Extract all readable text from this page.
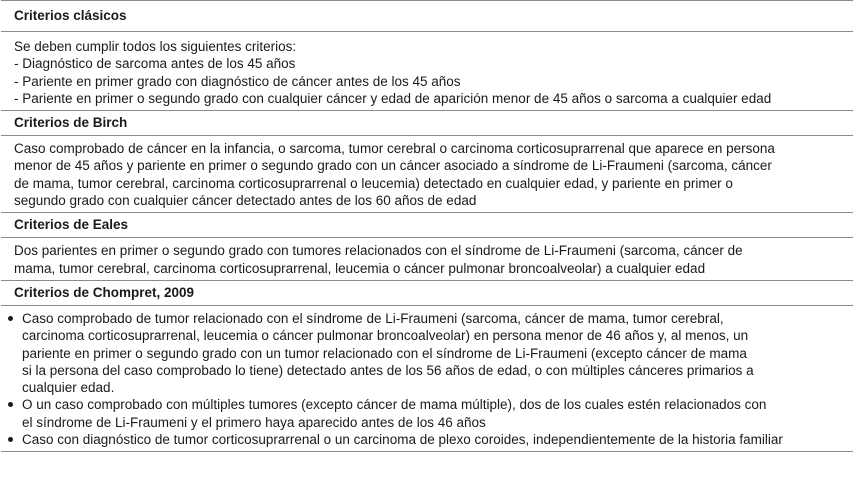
Criterios clásicos
Se deben cumplir todos los siguientes criterios:
- Diagnóstico de sarcoma antes de los 45 años
- Pariente en primer grado con diagnóstico de cáncer antes de los 45 años
- Pariente en primer o segundo grado con cualquier cáncer y edad de aparición menor de 45 años o sarcoma a cualquier edad
Criterios de Birch
Caso comprobado de cáncer en la infancia, o sarcoma, tumor cerebral o carcinoma corticosuprarrenal que aparece en persona
menor de 45 años y pariente en primer o segundo grado con un cáncer asociado a síndrome de Li-Fraumeni (sarcoma, cáncer
de mama, tumor cerebral, carcinoma corticosuprarrenal o leucemia) detectado en cualquier edad, y pariente en primer o
segundo grado con cualquier cáncer detectado antes de los 60 años de edad
Criterios de Eales
Dos parientes en primer o segundo grado con tumores relacionados con el síndrome de Li-Fraumeni (sarcoma, cáncer de
mama, tumor cerebral, carcinoma corticosuprarrenal, leucemia o cáncer pulmonar broncoalveolar) a cualquier edad
Criterios de Chompret, 2009
Caso comprobado de tumor relacionado con el síndrome de Li-Fraumeni (sarcoma, cáncer de mama, tumor cerebral,
carcinoma corticosuprarrenal, leucemia o cáncer pulmonar broncoalveolar) en persona menor de 46 años y, al menos, un
pariente en primer o segundo grado con un tumor relacionado con el síndrome de Li-Fraumeni (excepto cáncer de mama
si la persona del caso comprobado lo tiene) detectado antes de los 56 años de edad, o con múltiples cánceres primarios a
cualquier edad.
O un caso comprobado con múltiples tumores (excepto cáncer de mama múltiple), dos de los cuales estén relacionados con
el síndrome de Li-Fraumeni y el primero haya aparecido antes de los 46 años
Caso con diagnóstico de tumor corticosuprarrenal o un carcinoma de plexo coroides, independientemente de la historia familiar
